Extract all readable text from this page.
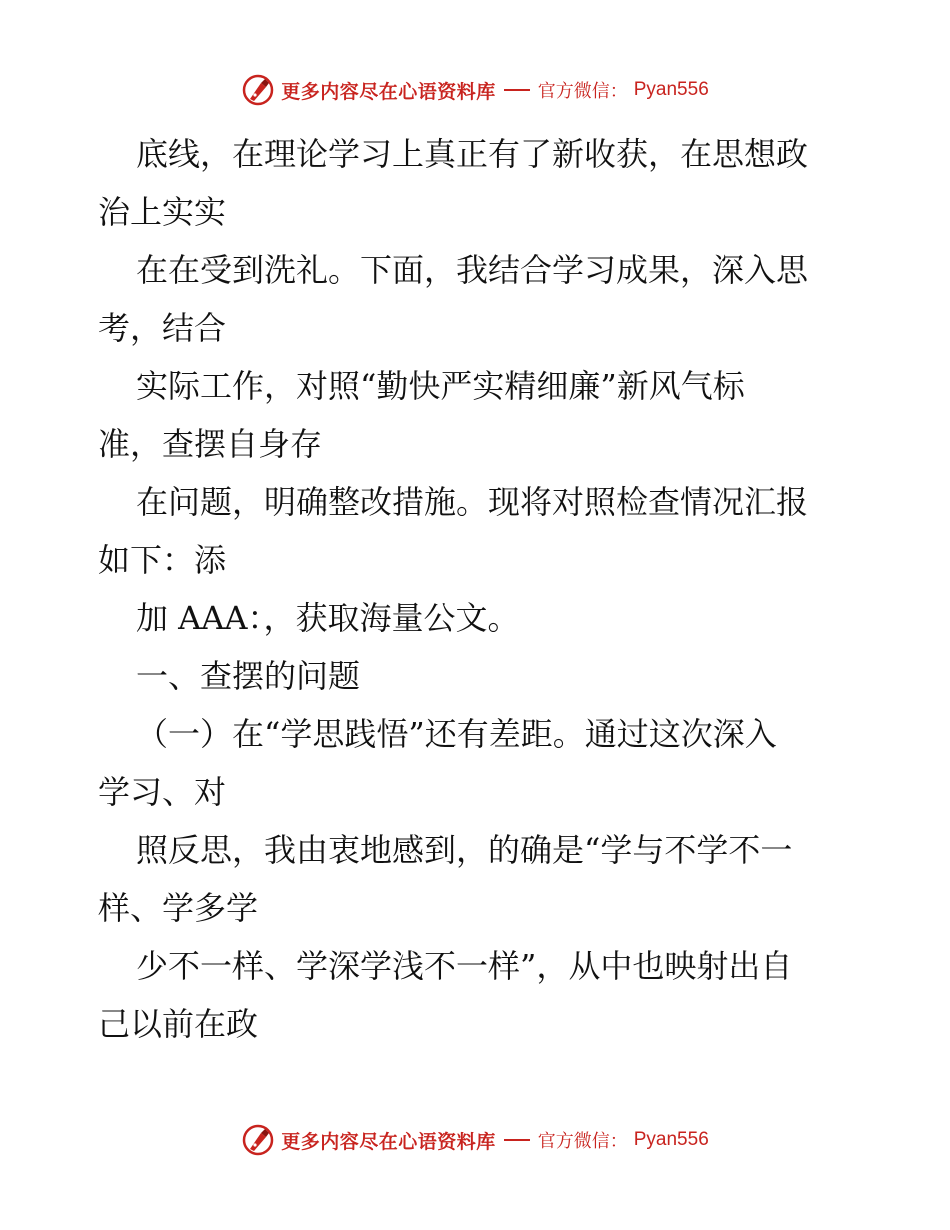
更多内容尽在心语资料库 官方微信： Pyan556
底线，在理论学习上真正有了新收获，在思想政
治上实实
在在受到洗礼。下面，我结合学习成果，深入思
考，结合
实际工作，对照“勤快严实精细廉”新风气标
准，查摆自身存
在问题，明确整改措施。现将对照检查情况汇报
如下：添
加 AAA：，获取海量公文。
一、查摆的问题
（一）在“学思践悟”还有差距。通过这次深入
学习、对
照反思，我由衷地感到，的确是“学与不学不一
样、学多学
少不一样、学深学浅不一样”，从中也映射出自
己以前在政
更多内容尽在心语资料库 官方微信： Pyan556
